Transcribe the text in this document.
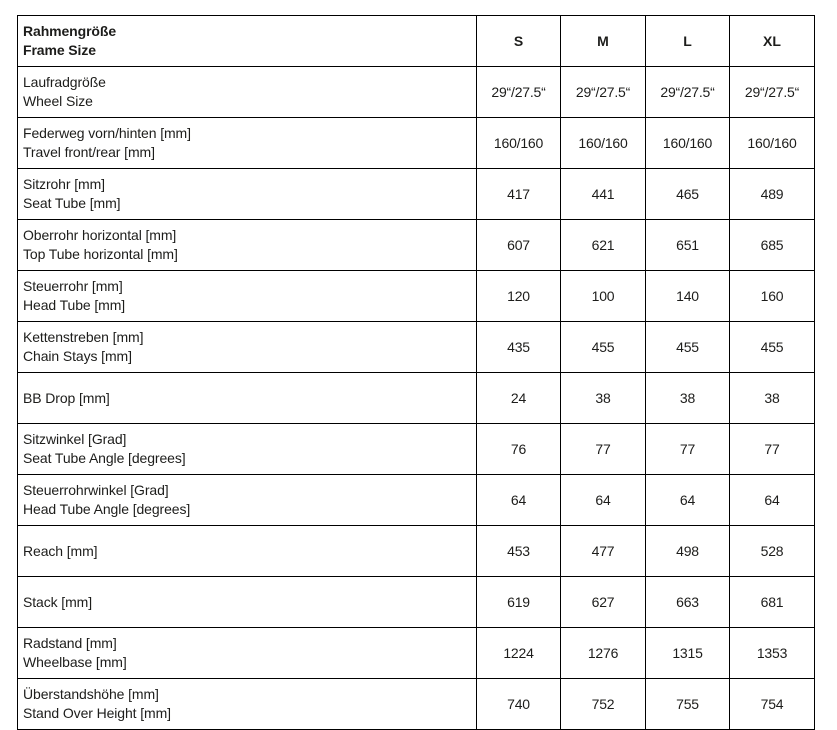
Rahmengröße
Frame Size	S	M	L	XL

Laufradgröße
Wheel Size	29“/27.5“	29“/27.5“	29“/27.5“	29“/27.5“

Federweg vorn/hinten [mm]
Travel front/rear [mm]	160/160	160/160	160/160	160/160

Sitzrohr [mm]
Seat Tube [mm]	417	441	465	489

Oberrohr horizontal [mm]
Top Tube horizontal [mm]	607	621	651	685

Steuerrohr [mm]
Head Tube [mm]	120	100	140	160

Kettenstreben [mm]
Chain Stays [mm]	435	455	455	455

BB Drop [mm]	24	38	38	38

Sitzwinkel [Grad]
Seat Tube Angle [degrees]	76	77	77	77

Steuerrohrwinkel [Grad]
Head Tube Angle [degrees]	64	64	64	64

Reach [mm]	453	477	498	528

Stack [mm]	619	627	663	681

Radstand [mm]
Wheelbase [mm]	1224	1276	1315	1353

Überstandshöhe [mm]
Stand Over Height [mm]	740	752	755	754
